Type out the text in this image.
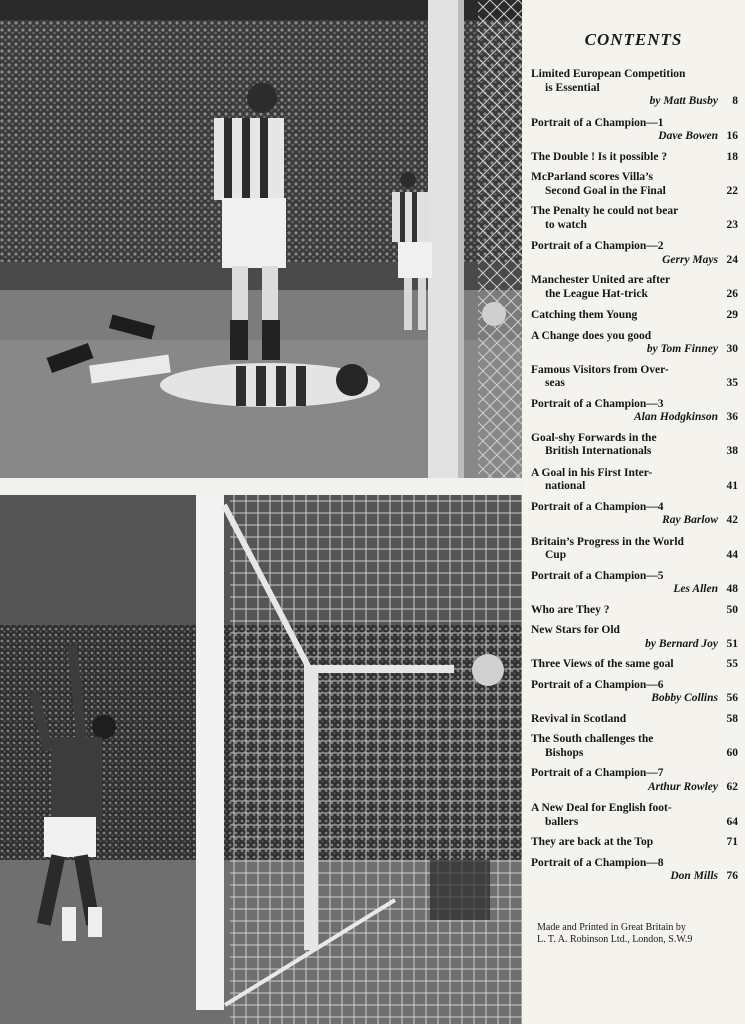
CONTENTS
Limited European Competition
is Essential
by Matt Busby	8
Portrait of a Champion—1
Dave Bowen 16
The Double ! Is it possible ?	18
McParland scores Villa’s
Second Goal in the Final	22
The Penalty he could not bear
to watch	23
Portrait of a Champion—2
Gerry Mays 24
Manchester United are after
the League Hat-trick	26
Catching them Young	29
A Change does you good
by Tom Finney 30
Famous Visitors from Over-
seas	35
Portrait of a Champion—3
Alan Hodgkinson 36
Goal-shy Forwards in the
British Internationals	38
A Goal in his First Inter-
national	41
Portrait of a Champion—4
Ray Barlow 42
Britain’s Progress in the World
Cup	44
Portrait of a Champion—5
Les Allen 48
Who are They ?	50
New Stars for Old
by Bernard Joy 51
Three Views of the same goal	55
Portrait of a Champion—6
Bobby Collins 56
Revival in Scotland	58
The South challenges the
Bishops	60
Portrait of a Champion—7
Arthur Rowley 62
A New Deal for English foot-
ballers	64
They are back at the Top	71
Portrait of a Champion—8
Don Mills 76
Made and Printed in Great Britain by
L. T. A. Robinson Ltd., London, S.W.9
